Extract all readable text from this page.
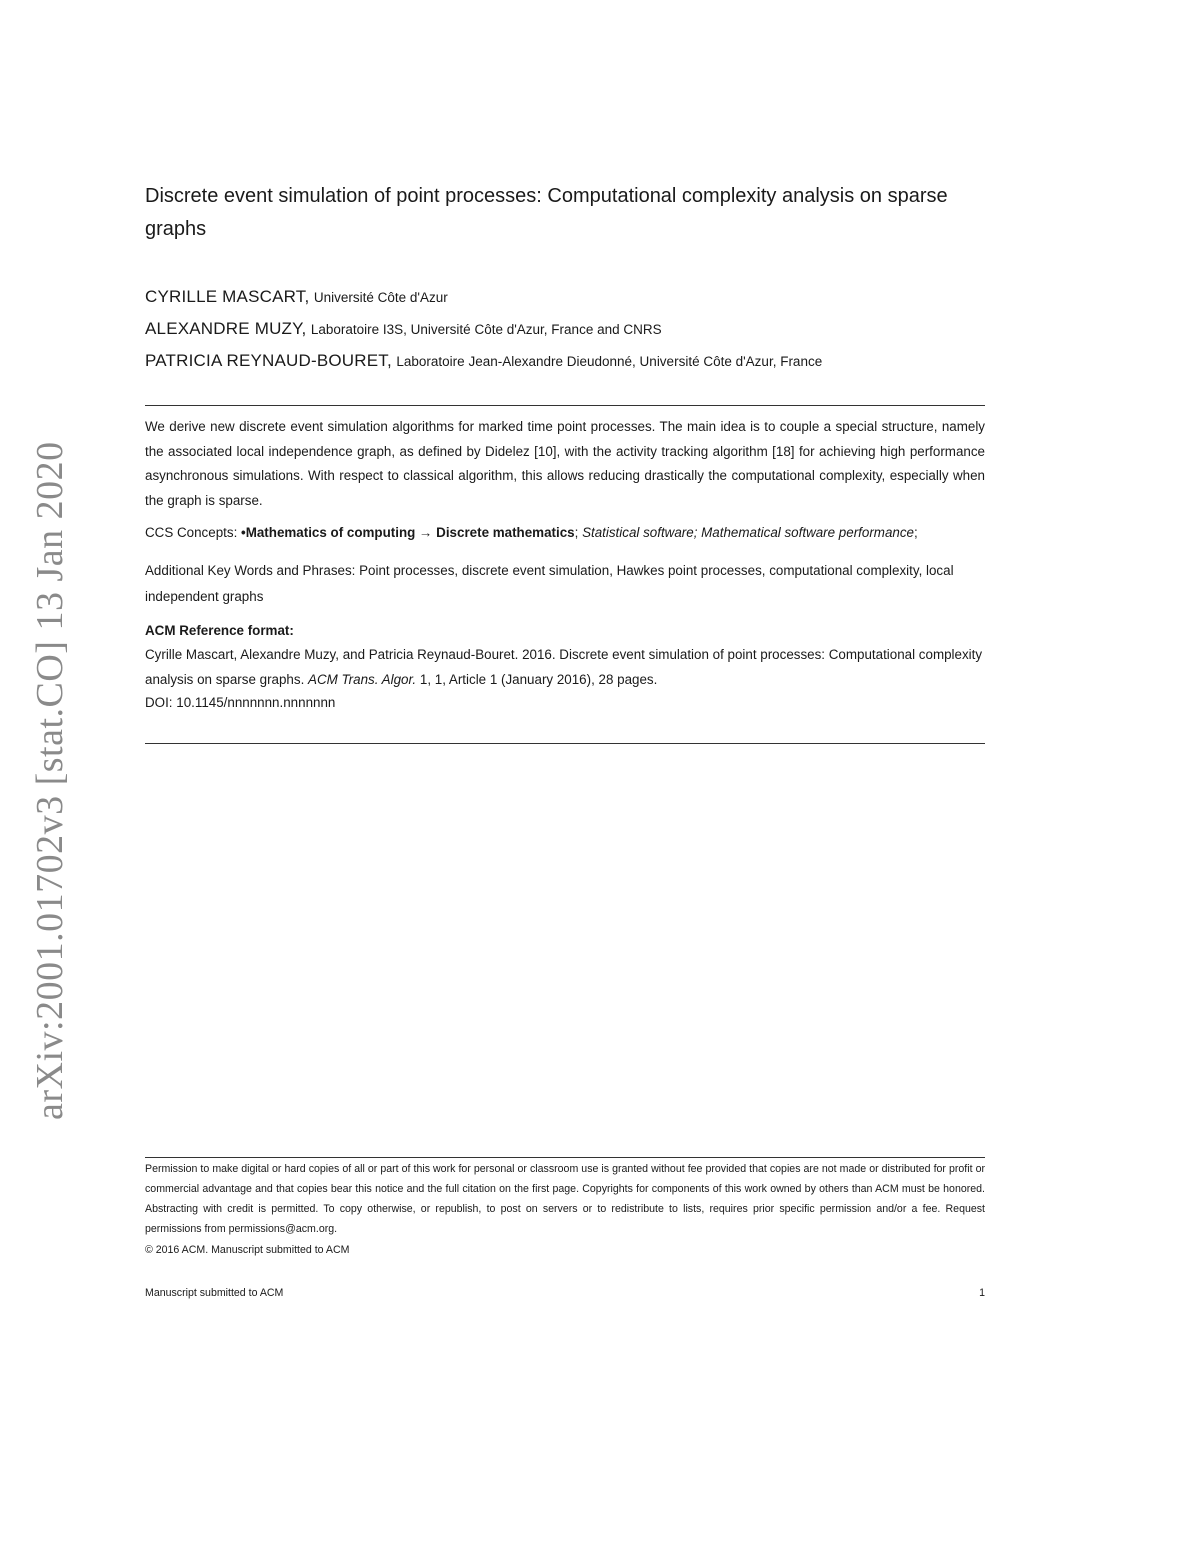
arXiv:2001.01702v3 [stat.CO] 13 Jan 2020
Discrete event simulation of point processes: Computational complexity analysis on sparse graphs
CYRILLE MASCART, Université Côte d'Azur
ALEXANDRE MUZY, Laboratoire I3S, Université Côte d'Azur, France and CNRS
PATRICIA REYNAUD-BOURET, Laboratoire Jean-Alexandre Dieudonné, Université Côte d'Azur, France
We derive new discrete event simulation algorithms for marked time point processes. The main idea is to couple a special structure, namely the associated local independence graph, as defined by Didelez [10], with the activity tracking algorithm [18] for achieving high performance asynchronous simulations. With respect to classical algorithm, this allows reducing drastically the computational complexity, especially when the graph is sparse.
CCS Concepts: •Mathematics of computing → Discrete mathematics; Statistical software; Mathematical software performance;
Additional Key Words and Phrases: Point processes, discrete event simulation, Hawkes point processes, computational complexity, local independent graphs
ACM Reference format:
Cyrille Mascart, Alexandre Muzy, and Patricia Reynaud-Bouret. 2016. Discrete event simulation of point processes: Computational complexity analysis on sparse graphs. ACM Trans. Algor. 1, 1, Article 1 (January 2016), 28 pages.
DOI: 10.1145/nnnnnnn.nnnnnnn
Permission to make digital or hard copies of all or part of this work for personal or classroom use is granted without fee provided that copies are not made or distributed for profit or commercial advantage and that copies bear this notice and the full citation on the first page. Copyrights for components of this work owned by others than ACM must be honored. Abstracting with credit is permitted. To copy otherwise, or republish, to post on servers or to redistribute to lists, requires prior specific permission and/or a fee. Request permissions from permissions@acm.org.
© 2016 ACM. Manuscript submitted to ACM
Manuscript submitted to ACM	1
